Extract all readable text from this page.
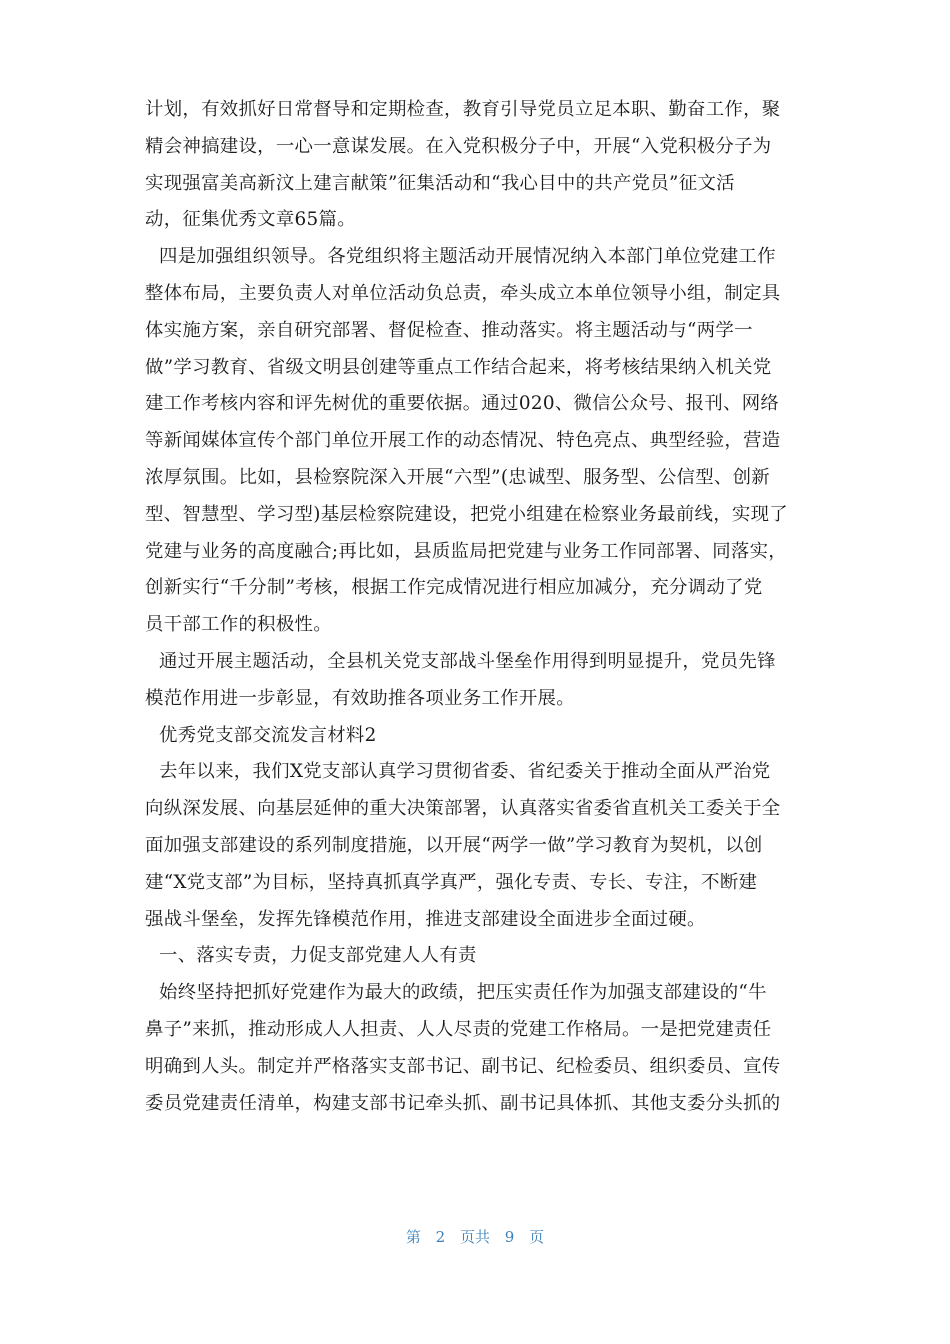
计划，有效抓好日常督导和定期检查，教育引导党员立足本职、勤奋工作，聚
精会神搞建设，一心一意谋发展。在入党积极分子中，开展“入党积极分子为
实现强富美高新汶上建言献策”征集活动和“我心目中的共产党员”征文活
动，征集优秀文章65篇。
四是加强组织领导。各党组织将主题活动开展情况纳入本部门单位党建工作
整体布局，主要负责人对单位活动负总责，牵头成立本单位领导小组，制定具
体实施方案，亲自研究部署、督促检查、推动落实。将主题活动与“两学一
做”学习教育、省级文明县创建等重点工作结合起来，将考核结果纳入机关党
建工作考核内容和评先树优的重要依据。通过020、微信公众号、报刊、网络
等新闻媒体宣传个部门单位开展工作的动态情况、特色亮点、典型经验，营造
浓厚氛围。比如，县检察院深入开展“六型”(忠诚型、服务型、公信型、创新
型、智慧型、学习型)基层检察院建设，把党小组建在检察业务最前线，实现了
党建与业务的高度融合;再比如，县质监局把党建与业务工作同部署、同落实，
创新实行“千分制”考核，根据工作完成情况进行相应加减分，充分调动了党
员干部工作的积极性。
通过开展主题活动，全县机关党支部战斗堡垒作用得到明显提升，党员先锋
模范作用进一步彰显，有效助推各项业务工作开展。
优秀党支部交流发言材料2
去年以来，我们X党支部认真学习贯彻省委、省纪委关于推动全面从严治党
向纵深发展、向基层延伸的重大决策部署，认真落实省委省直机关工委关于全
面加强支部建设的系列制度措施，以开展“两学一做”学习教育为契机，以创
建“X党支部”为目标，坚持真抓真学真严，强化专责、专长、专注，不断建
强战斗堡垒，发挥先锋模范作用，推进支部建设全面进步全面过硬。
一、落实专责，力促支部党建人人有责
始终坚持把抓好党建作为最大的政绩，把压实责任作为加强支部建设的“牛
鼻子”来抓，推动形成人人担责、人人尽责的党建工作格局。一是把党建责任
明确到人头。制定并严格落实支部书记、副书记、纪检委员、组织委员、宣传
委员党建责任清单，构建支部书记牵头抓、副书记具体抓、其他支委分头抓的
第 2 页共 9 页
